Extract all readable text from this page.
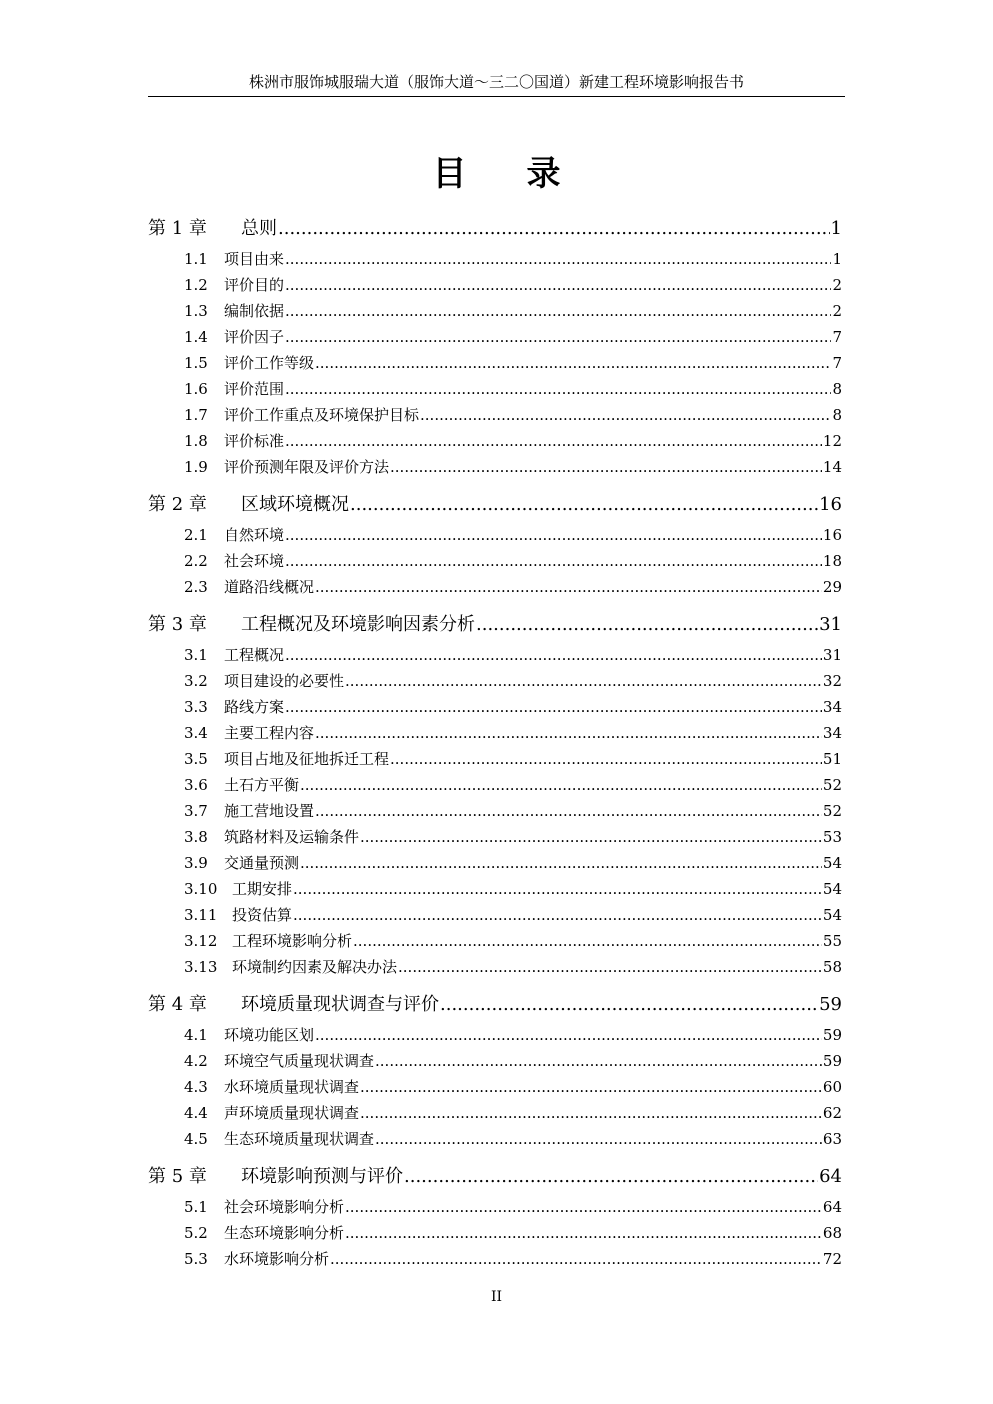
株洲市服饰城服瑞大道（服饰大道～三二〇国道）新建工程环境影响报告书
目录
第 1 章	总则 .....	1
1.1	项目由来 .....	1
1.2	评价目的 .....	2
1.3	编制依据 .....	2
1.4	评价因子 .....	7
1.5	评价工作等级 .....	7
1.6	评价范围 .....	8
1.7	评价工作重点及环境保护目标 .....	8
1.8	评价标准 .....	12
1.9	评价预测年限及评价方法 .....	14
第 2 章	区域环境概况 .....	16
2.1	自然环境 .....	16
2.2	社会环境 .....	18
2.3	道路沿线概况 .....	29
第 3 章	工程概况及环境影响因素分析 .....	31
3.1	工程概况 .....	31
3.2	项目建设的必要性 .....	32
3.3	路线方案 .....	34
3.4	主要工程内容 .....	34
3.5	项目占地及征地拆迁工程 .....	51
3.6	土石方平衡 .....	52
3.7	施工营地设置 .....	52
3.8	筑路材料及运输条件 .....	53
3.9	交通量预测 .....	54
3.10 工期安排 .....	54
3.11 投资估算 .....	54
3.12 工程环境影响分析 .....	55
3.13 环境制约因素及解决办法 .....	58
第 4 章	环境质量现状调查与评价 .....	59
4.1	环境功能区划 .....	59
4.2	环境空气质量现状调查 .....	59
4.3	水环境质量现状调查 .....	60
4.4	声环境质量现状调查 .....	62
4.5	生态环境质量现状调查 .....	63
第 5 章	环境影响预测与评价 .....	64
5.1	社会环境影响分析 .....	64
5.2	生态环境影响分析 .....	68
5.3	水环境影响分析 .....	72
II
